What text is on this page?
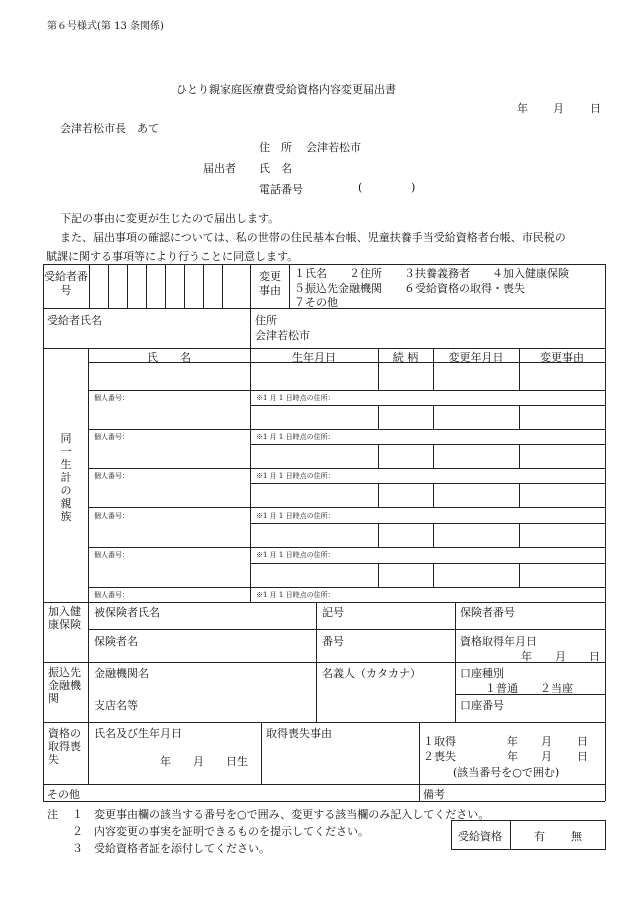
第６号様式(第 13 条関係)
ひとり親家庭医療費受給資格内容変更届出書
年 月 日
会津若松市長　あて
住　所 会津若松市
届出者 氏　名
電話番号	(	)
下記の事由に変更が生じたので届出します。
また、届出事項の確認については、私の世帯の住民基本台帳、児童扶養手当受給資格者台帳、市民税の
賦課に関する事項等により行うことに同意します。
受給者番号
変更事由
１氏名　　２住所　　３扶養義務者　　４加入健康保険
５振込先金融機関　　６受給資格の取得・喪失
７その他
受給者氏名	住所
会津若松市
同一生計の親族
氏　　名	生年月日	続 柄	変更年月日	変更事由
個人番号：	※1 月 1 日時点の住所：
個人番号：	※1 月 1 日時点の住所：
個人番号：	※1 月 1 日時点の住所：
個人番号：	※1 月 1 日時点の住所：
個人番号：	※1 月 1 日時点の住所：
個人番号：	※1 月 1 日時点の住所：
加入健康保険
被保険者氏名	記号	保険者番号
保険者名	番号	資格取得年月日
年 月 日
振込先金融機関
金融機関名	名義人（カタカナ）	口座種別
１普通　　２当座
支店名等	口座番号
資格の取得喪失
氏名及び生年月日
年　　月　　日生
取得喪失事由
１取得	年 月 日
２喪失	年 月 日
(該当番号を○で囲む)
その他	備考
注 １　変更事由欄の該当する番号を○で囲み、変更する該当欄のみ記入してください。
２　内容変更の事実を証明できるものを提示してください。
３　受給資格者証を添付してください。
受給資格	有 無
